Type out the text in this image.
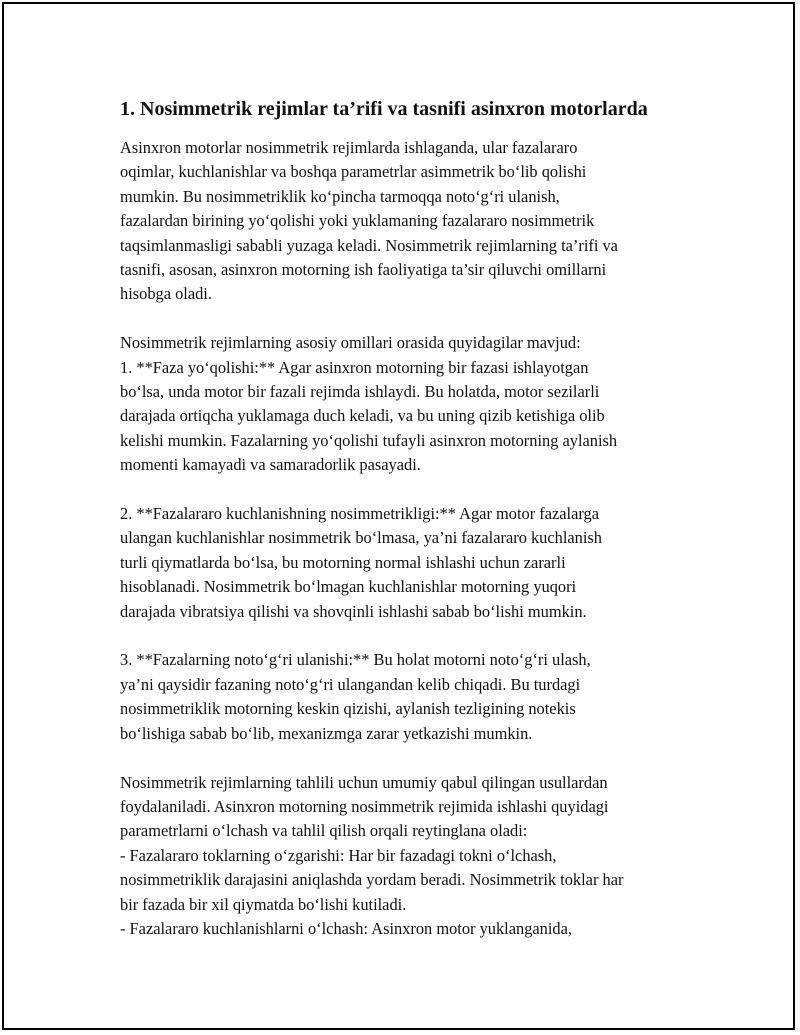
1. Nosimmetrik rejimlar ta’rifi va tasnifi asinxron motorlarda
Asinxron motorlar nosimmetrik rejimlarda ishlaganda, ular fazalararo
oqimlar, kuchlanishlar va boshqa parametrlar asimmetrik bo‘lib qolishi
mumkin. Bu nosimmetriklik ko‘pincha tarmoqqa noto‘g‘ri ulanish,
fazalardan birining yo‘qolishi yoki yuklamaning fazalararo nosimmetrik
taqsimlanmasligi sababli yuzaga keladi. Nosimmetrik rejimlarning ta’rifi va
tasnifi, asosan, asinxron motorning ish faoliyatiga ta’sir qiluvchi omillarni
hisobga oladi.
Nosimmetrik rejimlarning asosiy omillari orasida quyidagilar mavjud:
1. **Faza yo‘qolishi:** Agar asinxron motorning bir fazasi ishlayotgan
bo‘lsa, unda motor bir fazali rejimda ishlaydi. Bu holatda, motor sezilarli
darajada ortiqcha yuklamaga duch keladi, va bu uning qizib ketishiga olib
kelishi mumkin. Fazalarning yo‘qolishi tufayli asinxron motorning aylanish
momenti kamayadi va samaradorlik pasayadi.
2. **Fazalararo kuchlanishning nosimmetrikligi:** Agar motor fazalarga
ulangan kuchlanishlar nosimmetrik bo‘lmasa, ya’ni fazalararo kuchlanish
turli qiymatlarda bo‘lsa, bu motorning normal ishlashi uchun zararli
hisoblanadi. Nosimmetrik bo‘lmagan kuchlanishlar motorning yuqori
darajada vibratsiya qilishi va shovqinli ishlashi sabab bo‘lishi mumkin.
3. **Fazalarning noto‘g‘ri ulanishi:** Bu holat motorni noto‘g‘ri ulash,
ya’ni qaysidir fazaning noto‘g‘ri ulangandan kelib chiqadi. Bu turdagi
nosimmetriklik motorning keskin qizishi, aylanish tezligining notekis
bo‘lishiga sabab bo‘lib, mexanizmga zarar yetkazishi mumkin.
Nosimmetrik rejimlarning tahlili uchun umumiy qabul qilingan usullardan
foydalaniladi. Asinxron motorning nosimmetrik rejimida ishlashi quyidagi
parametrlarni o‘lchash va tahlil qilish orqali reytinglana oladi:
- Fazalararo toklarning o‘zgarishi: Har bir fazadagi tokni o‘lchash,
nosimmetriklik darajasini aniqlashda yordam beradi. Nosimmetrik toklar har
bir fazada bir xil qiymatda bo‘lishi kutiladi.
- Fazalararo kuchlanishlarni o‘lchash: Asinxron motor yuklanganida,
